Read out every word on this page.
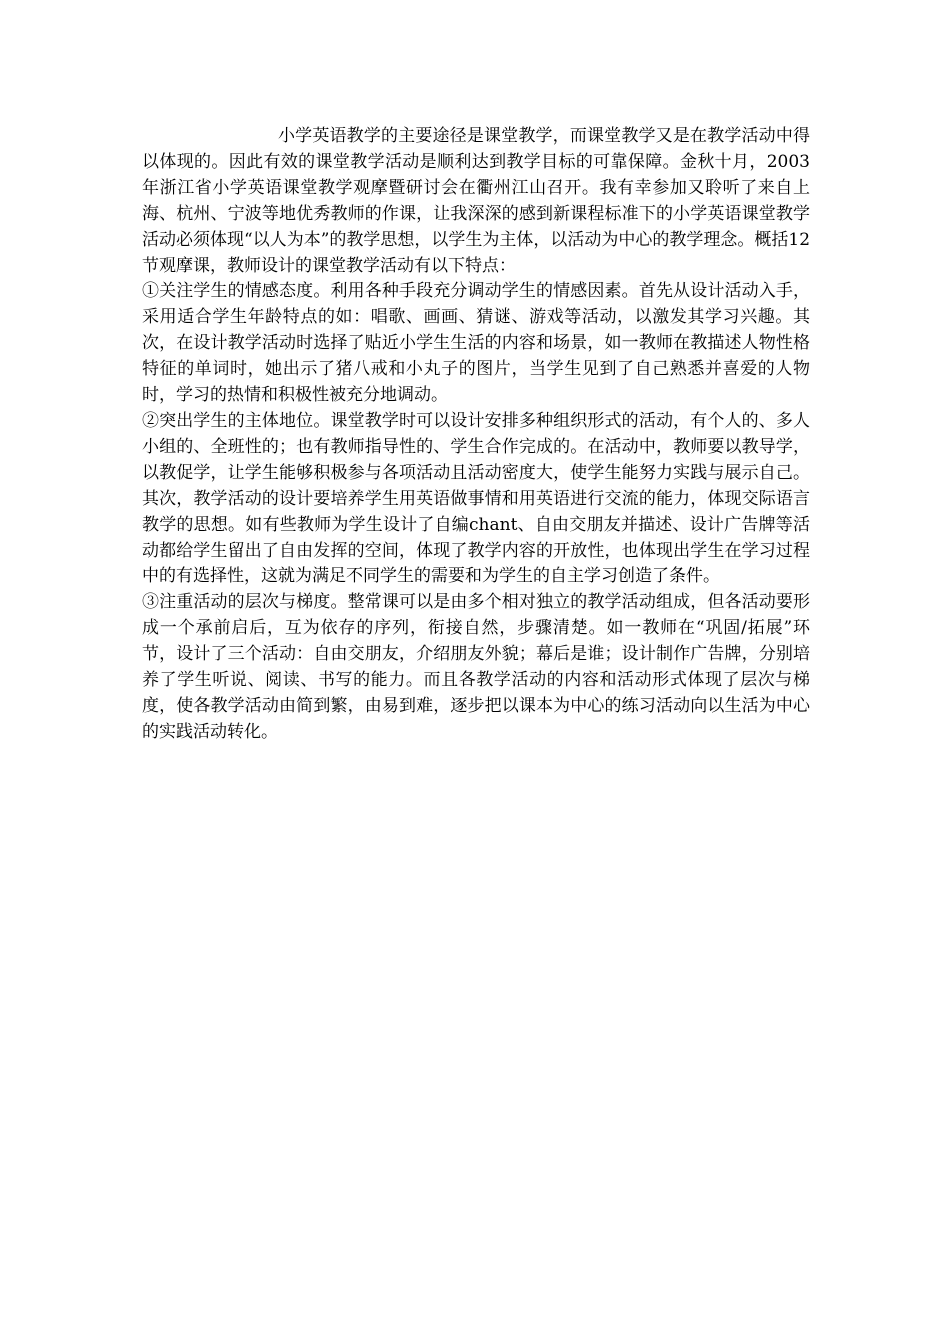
小学英语教学的主要途径是课堂教学，而课堂教学又是在教学活动中得以体现的。因此有效的课堂教学活动是顺利达到教学目标的可靠保障。金秋十月，2003年浙江省小学英语课堂教学观摩暨研讨会在衢州江山召开。我有幸参加又聆听了来自上海、杭州、宁波等地优秀教师的作课，让我深深的感到新课程标准下的小学英语课堂教学活动必须体现“以人为本”的教学思想，以学生为主体，以活动为中心的教学理念。概括12节观摩课，教师设计的课堂教学活动有以下特点：

①关注学生的情感态度。利用各种手段充分调动学生的情感因素。首先从设计活动入手，采用适合学生年龄特点的如：唱歌、画画、猜谜、游戏等活动，以激发其学习兴趣。其次，在设计教学活动时选择了贴近小学生生活的内容和场景，如一教师在教描述人物性格特征的单词时，她出示了猪八戒和小丸子的图片，当学生见到了自己熟悉并喜爱的人物时，学习的热情和积极性被充分地调动。

②突出学生的主体地位。课堂教学时可以设计安排多种组织形式的活动，有个人的、多人小组的、全班性的；也有教师指导性的、学生合作完成的。在活动中，教师要以教导学，以教促学，让学生能够积极参与各项活动且活动密度大，使学生能努力实践与展示自己。其次，教学活动的设计要培养学生用英语做事情和用英语进行交流的能力，体现交际语言教学的思想。如有些教师为学生设计了自编chant、自由交朋友并描述、设计广告牌等活动都给学生留出了自由发挥的空间，体现了教学内容的开放性，也体现出学生在学习过程中的有选择性，这就为满足不同学生的需要和为学生的自主学习创造了条件。

③注重活动的层次与梯度。整常课可以是由多个相对独立的教学活动组成，但各活动要形成一个承前启后，互为依存的序列，衔接自然，步骤清楚。如一教师在“巩固/拓展”环节，设计了三个活动：自由交朋友，介绍朋友外貌；幕后是谁；设计制作广告牌，分别培养了学生听说、阅读、书写的能力。而且各教学活动的内容和活动形式体现了层次与梯度，使各教学活动由简到繁，由易到难，逐步把以课本为中心的练习活动向以生活为中心的实践活动转化。
